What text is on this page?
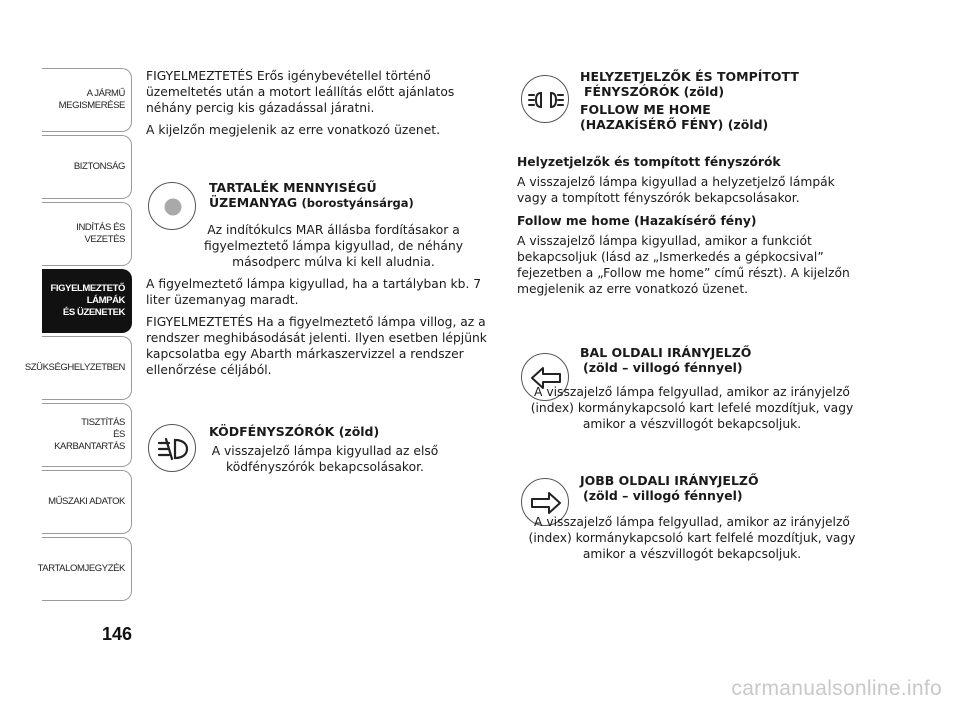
A JÁRMŰ
MEGISMERÉSE
BIZTONSÁG
INDÍTÁS ÉS VEZETÉS
FIGYELMEZTETŐ
LÁMPÁK
ÉS ÜZENETEK
SZÜKSÉGHELYZETBEN
TISZTÍTÁS
ÉS KARBANTARTÁS
MŰSZAKI ADATOK
TARTALOMJEGYZÉK
146

FIGYELMEZTETÉS Erős igénybevétellel történő üzemeltetés után a motort leállítás előtt ajánlatos néhány percig kis gázadással járatni.

A kijelzőn megjelenik az erre vonatkozó üzenet.

TARTALÉK MENNYISÉGŰ
ÜZEMANYAG (borostyánsárga)

Az indítókulcs MAR állásba fordításakor a figyelmeztető lámpa kigyullad, de néhány másodperc múlva ki kell aludnia.

A figyelmeztető lámpa kigyullad, ha a tartályban kb. 7 liter üzemanyag maradt.

FIGYELMEZTETÉS Ha a figyelmeztető lámpa villog, az a rendszer meghibásodását jelenti. Ilyen esetben lépjünk kapcsolatba egy Abarth márkaszervizzel a rendszer ellenőrzése céljából.

KÖDFÉNYSZÓRÓK (zöld)

A visszajelző lámpa kigyullad az első ködfényszórók bekapcsolásakor.

HELYZETJELZŐK ÉS TOMPÍTOTT
FÉNYSZÓRÓK (zöld)
FOLLOW ME HOME
(HAZAKÍSÉRŐ FÉNY) (zöld)

Helyzetjelzők és tompított fényszórók

A visszajelző lámpa kigyullad a helyzetjelző lámpák vagy a tompított fényszórók bekapcsolásakor.

Follow me home (Hazakísérő fény)

A visszajelző lámpa kigyullad, amikor a funkciót bekapcsoljuk (lásd az „Ismerkedés a gépkocsival” fejezetben a „Follow me home” című részt). A kijelzőn megjelenik az erre vonatkozó üzenet.

BAL OLDALI IRÁNYJELZŐ
(zöld – villogó fénnyel)

A visszajelző lámpa felgyullad, amikor az irányjelző (index) kormánykapcsoló kart lefelé mozdítjuk, vagy amikor a vészvillogót bekapcsoljuk.

JOBB OLDALI IRÁNYJELZŐ
(zöld – villogó fénnyel)

A visszajelző lámpa felgyullad, amikor az irányjelző (index) kormánykapcsoló kart felfelé mozdítjuk, vagy amikor a vészvillogót bekapcsoljuk.

carmanualsonline.info
